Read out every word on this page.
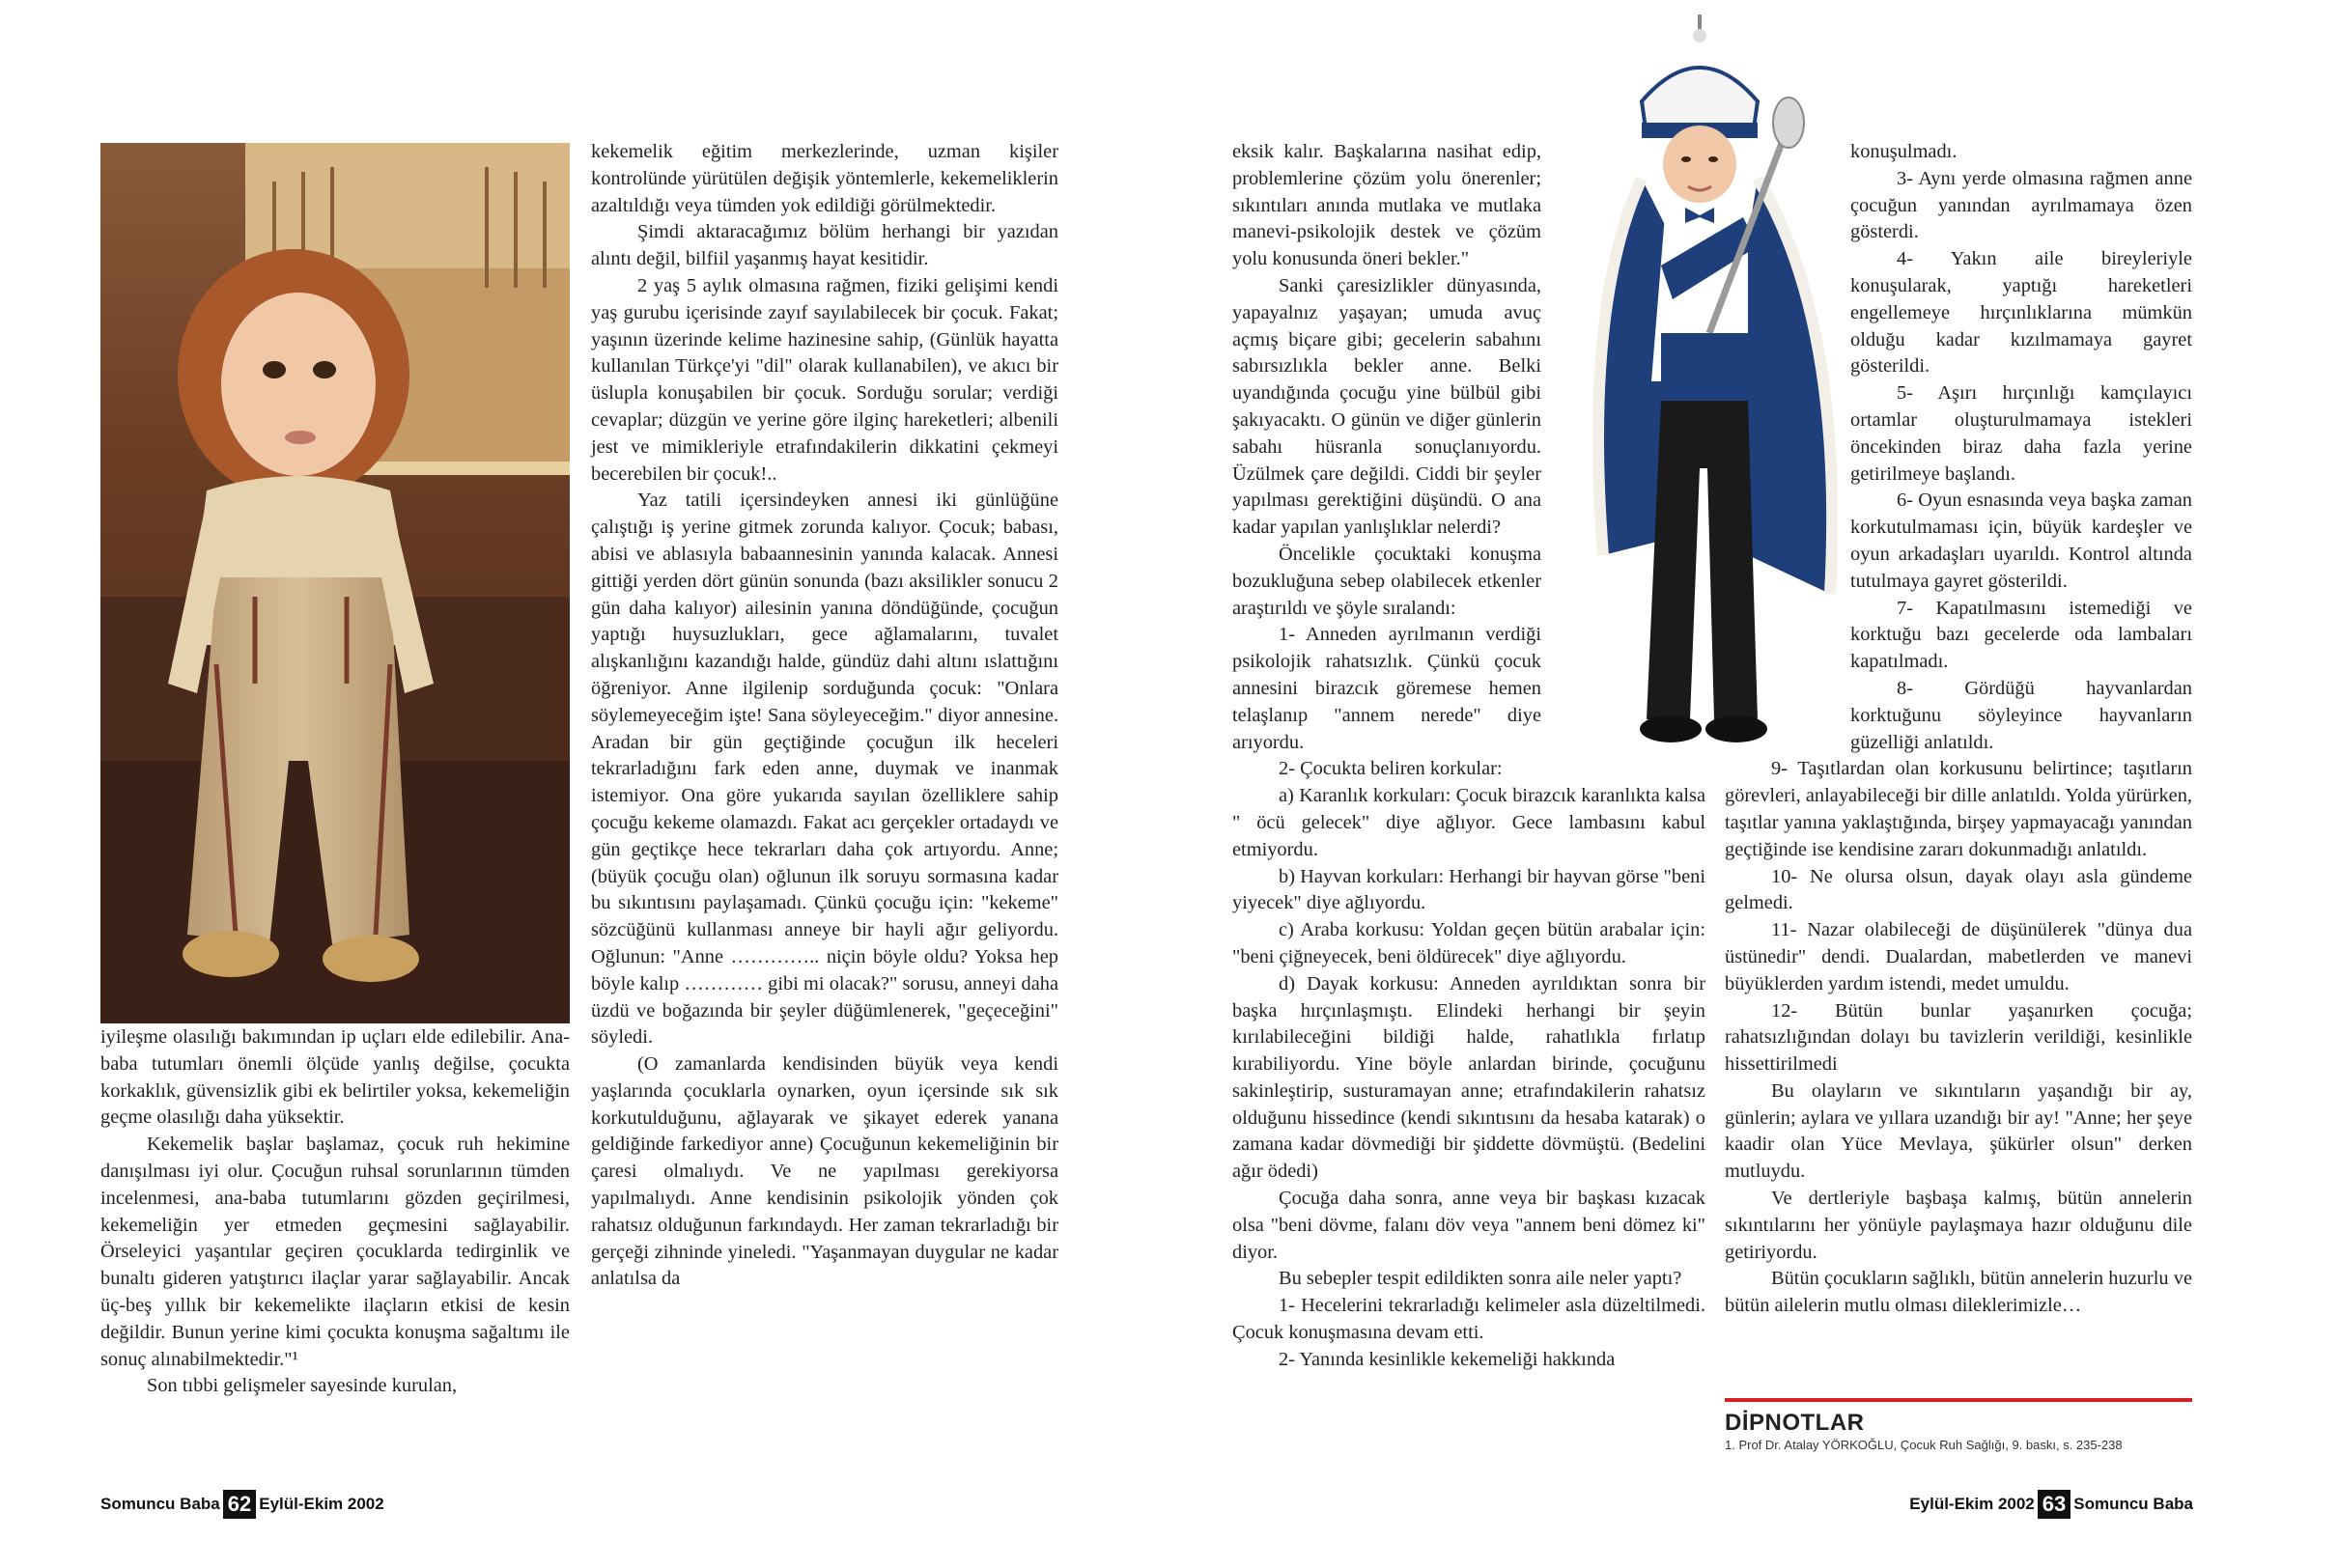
iyileşme olasılığı bakımından ip uçları elde edilebilir. Ana-baba tutumları önemli ölçüde yanlış değilse, çocukta korkaklık, güvensizlik gibi ek belirtiler yoksa, kekemeliğin geçme olasılığı daha yüksektir.

Kekemelik başlar başlamaz, çocuk ruh hekimine danışılması iyi olur. Çocuğun ruhsal sorunlarının tümden incelenmesi, ana-baba tutumlarını gözden geçirilmesi, kekemeliğin yer etmeden geçmesini sağlayabilir. Örseleyici yaşantılar geçiren çocuklarda tedirginlik ve bunaltı gideren yatıştırıcı ilaçlar yarar sağlayabilir. Ancak üç-beş yıllık bir kekemelikte ilaçların etkisi de kesin değildir. Bunun yerine kimi çocukta konuşma sağaltımı ile sonuç alınabilmektedir."¹

Son tıbbi gelişmeler sayesinde kurulan,

kekemelik eğitim merkezlerinde, uzman kişiler kontrolünde yürütülen değişik yöntemlerle, kekemeliklerin azaltıldığı veya tümden yok edildiği görülmektedir.

Şimdi aktaracağımız bölüm herhangi bir yazıdan alıntı değil, bilfiil yaşanmış hayat kesitidir.

2 yaş 5 aylık olmasına rağmen, fiziki gelişimi kendi yaş gurubu içerisinde zayıf sayılabilecek bir çocuk. Fakat; yaşının üzerinde kelime hazinesine sahip, (Günlük hayatta kullanılan Türkçe'yi "dil" olarak kullanabilen), ve akıcı bir üslupla konuşabilen bir çocuk. Sorduğu sorular; verdiği cevaplar; düzgün ve yerine göre ilginç hareketleri; albenili jest ve mimikleriyle etrafındakilerin dikkatini çekmeyi becerebilen bir çocuk!..

Yaz tatili içersindeyken annesi iki günlüğüne çalıştığı iş yerine gitmek zorunda kalıyor. Çocuk; babası, abisi ve ablasıyla babaannesinin yanında kalacak. Annesi gittiği yerden dört günün sonunda (bazı aksilikler sonucu 2 gün daha kalıyor) ailesinin yanına döndüğünde, çocuğun yaptığı huysuzlukları, gece ağlamalarını, tuvalet alışkanlığını kazandığı halde, gündüz dahi altını ıslattığını öğreniyor. Anne ilgilenip sorduğunda çocuk: "Onlara söylemeyeceğim işte! Sana söyleyeceğim." diyor annesine. Aradan bir gün geçtiğinde çocuğun ilk heceleri tekrarladığını fark eden anne, duymak ve inanmak istemiyor. Ona göre yukarıda sayılan özelliklere sahip çocuğu kekeme olamazdı. Fakat acı gerçekler ortadaydı ve gün geçtikçe hece tekrarları daha çok artıyordu. Anne; (büyük çocuğu olan) oğlunun ilk soruyu sormasına kadar bu sıkıntısını paylaşamadı. Çünkü çocuğu için: "kekeme" sözcüğünü kullanması anneye bir hayli ağır geliyordu. Oğlunun: "Anne ………….. niçin böyle oldu? Yoksa hep böyle kalıp ………… gibi mi olacak?" sorusu, anneyi daha üzdü ve boğazında bir şeyler düğümlenerek, "geçeceğini" söyledi.

(O zamanlarda kendisinden büyük veya kendi yaşlarında çocuklarla oynarken, oyun içersinde sık sık korkutulduğunu, ağlayarak ve şikayet ederek yanana geldiğinde farkediyor anne) Çocuğunun kekemeliğinin bir çaresi olmalıydı. Ve ne yapılması gerekiyorsa yapılmalıydı. Anne kendisinin psikolojik yönden çok rahatsız olduğunun farkındaydı. Her zaman tekrarladığı bir gerçeği zihninde yineledi. "Yaşanmayan duygular ne kadar anlatılsa da

Somuncu Baba 62 Eylül-Ekim 2002

eksik kalır. Başkalarına nasihat edip, problemlerine çözüm yolu önerenler; sıkıntıları anında mutlaka ve mutlaka manevi-psikolojik destek ve çözüm yolu konusunda öneri bekler."

Sanki çaresizlikler dünyasında, yapayalnız yaşayan; umuda avuç açmış biçare gibi; gecelerin sabahını sabırsızlıkla bekler anne. Belki uyandığında çocuğu yine bülbül gibi şakıyacaktı. O günün ve diğer günlerin sabahı hüsranla sonuçlanıyordu. Üzülmek çare değildi. Ciddi bir şeyler yapılması gerektiğini düşündü. O ana kadar yapılan yanlışlıklar nelerdi?

Öncelikle çocuktaki konuşma bozukluğuna sebep olabilecek etkenler araştırıldı ve şöyle sıralandı:

1- Anneden ayrılmanın verdiği psikolojik rahatsızlık. Çünkü çocuk annesini birazcık göremese hemen telaşlanıp "annem nerede" diye arıyordu.

2- Çocukta beliren korkular:

a) Karanlık korkuları: Çocuk birazcık karanlıkta kalsa " öcü gelecek" diye ağlıyor. Gece lambasını kabul etmiyordu.

b) Hayvan korkuları: Herhangi bir hayvan görse "beni yiyecek" diye ağlıyordu.

c) Araba korkusu: Yoldan geçen bütün arabalar için: "beni çiğneyecek, beni öldürecek" diye ağlıyordu.

d) Dayak korkusu: Anneden ayrıldıktan sonra bir başka hırçınlaşmıştı. Elindeki herhangi bir şeyin kırılabileceğini bildiği halde, rahatlıkla fırlatıp kırabiliyordu. Yine böyle anlardan birinde, çocuğunu sakinleştirip, susturamayan anne; etrafındakilerin rahatsız olduğunu hissedince (kendi sıkıntısını da hesaba katarak) o zamana kadar dövmediği bir şiddette dövmüştü. (Bedelini ağır ödedi)

Çocuğa daha sonra, anne veya bir başkası kızacak olsa "beni dövme, falanı döv veya "annem beni dömez ki" diyor.

Bu sebepler tespit edildikten sonra aile neler yaptı?

1- Hecelerini tekrarladığı kelimeler asla düzeltilmedi. Çocuk konuşmasına devam etti.

2- Yanında kesinlikle kekemeliği hakkında

konuşulmadı.

3- Aynı yerde olmasına rağmen anne çocuğun yanından ayrılmamaya özen gösterdi.

4- Yakın aile bireyleriyle konuşularak, yaptığı hareketleri engellemeye hırçınlıklarına mümkün olduğu kadar kızılmamaya gayret gösterildi.

5- Aşırı hırçınlığı kamçılayıcı ortamlar oluşturulmamaya istekleri öncekinden biraz daha fazla yerine getirilmeye başlandı.

6- Oyun esnasında veya başka zaman korkutulmaması için, büyük kardeşler ve oyun arkadaşları uyarıldı. Kontrol altında tutulmaya gayret gösterildi.

7- Kapatılmasını istemediği ve korktuğu bazı gecelerde oda lambaları kapatılmadı.

8- Gördüğü hayvanlardan korktuğunu söyleyince hayvanların güzelliği anlatıldı.

9- Taşıtlardan olan korkusunu belirtince; taşıtların görevleri, anlayabileceği bir dille anlatıldı. Yolda yürürken, taşıtlar yanına yaklaştığında, birşey yapmayacağı yanından geçtiğinde ise kendisine zararı dokunmadığı anlatıldı.

10- Ne olursa olsun, dayak olayı asla gündeme gelmedi.

11- Nazar olabileceği de düşünülerek "dünya dua üstünedir" dendi. Dualardan, mabetlerden ve manevi büyüklerden yardım istendi, medet umuldu.

12- Bütün bunlar yaşanırken çocuğa; rahatsızlığından dolayı bu tavizlerin verildiği, kesinlikle hissettirilmedi

Bu olayların ve sıkıntıların yaşandığı bir ay, günlerin; aylara ve yıllara uzandığı bir ay! "Anne; her şeye kaadir olan Yüce Mevlaya, şükürler olsun" derken mutluydu.

Ve dertleriyle başbaşa kalmış, bütün annelerin sıkıntılarını her yönüyle paylaşmaya hazır olduğunu dile getiriyordu.

Bütün çocukların sağlıklı, bütün annelerin huzurlu ve bütün ailelerin mutlu olması dileklerimizle…

DİPNOTLAR

1. Prof Dr. Atalay YÖRKOĞLU, Çocuk Ruh Sağlığı, 9. baskı, s. 235-238

Eylül-Ekim 2002 63 Somuncu Baba
